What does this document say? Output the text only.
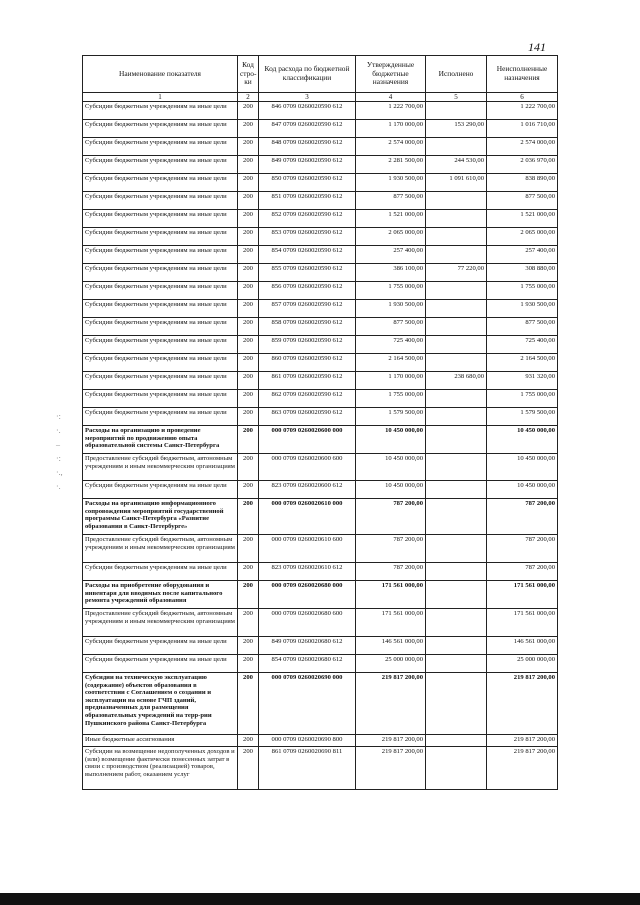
141
·:
·.
–
·:
·.,
·.
Наименование показателя	Код стро-ки	Код расхода по бюджетной классификации	Утвержденные бюджетные назначения	Исполнено	Неисполненные назначения
1	2	3	4	5	6
Субсидии бюджетным учреждениям на иные цели	200	846 0709 0260020590 612	1 222 700,00		1 222 700,00
Субсидии бюджетным учреждениям на иные цели	200	847 0709 0260020590 612	1 170 000,00	153 290,00	1 016 710,00
Субсидии бюджетным учреждениям на иные цели	200	848 0709 0260020590 612	2 574 000,00		2 574 000,00
Субсидии бюджетным учреждениям на иные цели	200	849 0709 0260020590 612	2 281 500,00	244 530,00	2 036 970,00
Субсидии бюджетным учреждениям на иные цели	200	850 0709 0260020590 612	1 930 500,00	1 091 610,00	838 890,00
Субсидии бюджетным учреждениям на иные цели	200	851 0709 0260020590 612	877 500,00		877 500,00
Субсидии бюджетным учреждениям на иные цели	200	852 0709 0260020590 612	1 521 000,00		1 521 000,00
Субсидии бюджетным учреждениям на иные цели	200	853 0709 0260020590 612	2 065 000,00		2 065 000,00
Субсидии бюджетным учреждениям на иные цели	200	854 0709 0260020590 612	257 400,00		257 400,00
Субсидии бюджетным учреждениям на иные цели	200	855 0709 0260020590 612	386 100,00	77 220,00	308 880,00
Субсидии бюджетным учреждениям на иные цели	200	856 0709 0260020590 612	1 755 000,00		1 755 000,00
Субсидии бюджетным учреждениям на иные цели	200	857 0709 0260020590 612	1 930 500,00		1 930 500,00
Субсидии бюджетным учреждениям на иные цели	200	858 0709 0260020590 612	877 500,00		877 500,00
Субсидии бюджетным учреждениям на иные цели	200	859 0709 0260020590 612	725 400,00		725 400,00
Субсидии бюджетным учреждениям на иные цели	200	860 0709 0260020590 612	2 164 500,00		2 164 500,00
Субсидии бюджетным учреждениям на иные цели	200	861 0709 0260020590 612	1 170 000,00	238 680,00	931 320,00
Субсидии бюджетным учреждениям на иные цели	200	862 0709 0260020590 612	1 755 000,00		1 755 000,00
Субсидии бюджетным учреждениям на иные цели	200	863 0709 0260020590 612	1 579 500,00		1 579 500,00
Расходы на организацию и проведение мероприятий по продвижению опыта образовательной системы Санкт-Петербурга	200	000 0709 0260020600 000	10 450 000,00		10 450 000,00
Предоставление субсидий бюджетным, автономным учреждениям и иным некоммерческим организациям	200	000 0709 0260020600 600	10 450 000,00		10 450 000,00
Субсидии бюджетным учреждениям на иные цели	200	823 0709 0260020600 612	10 450 000,00		10 450 000,00
Расходы на организацию информационного сопровождения мероприятий государственной программы Санкт-Петербурга «Развитие образования в Санкт-Петербурге»	200	000 0709 0260020610 000	787 200,00		787 200,00
Предоставление субсидий бюджетным, автономным учреждениям и иным некоммерческим организациям	200	000 0709 0260020610 600	787 200,00		787 200,00
Субсидии бюджетным учреждениям на иные цели	200	823 0709 0260020610 612	787 200,00		787 200,00
Расходы на приобретение оборудования и инвентаря для вводимых после капитального ремонта учреждений образования	200	000 0709 0260020680 000	171 561 000,00		171 561 000,00
Предоставление субсидий бюджетным, автономным учреждениям и иным некоммерческим организациям	200	000 0709 0260020680 600	171 561 000,00		171 561 000,00
Субсидии бюджетным учреждениям на иные цели	200	849 0709 0260020680 612	146 561 000,00		146 561 000,00
Субсидии бюджетным учреждениям на иные цели	200	854 0709 0260020680 612	25 000 000,00		25 000 000,00
Субсидии на техническую эксплуатацию (содержание) объектов образования в соответствии с Соглашением о создании и эксплуатации на основе ГЧП зданий, предназначенных для размещения образовательных учреждений на терр-рии Пушкинского района Санкт-Петербурга	200	000 0709 0260020690 000	219 817 200,00		219 817 200,00
Иные бюджетные ассигнования	200	000 0709 0260020690 800	219 817 200,00		219 817 200,00
Субсидии на возмещение недополученных доходов и (или) возмещение фактически понесенных затрат в связи с производством (реализацией) товаров, выполнением работ, оказанием услуг	200	861 0709 0260020690 811	219 817 200,00		219 817 200,00
